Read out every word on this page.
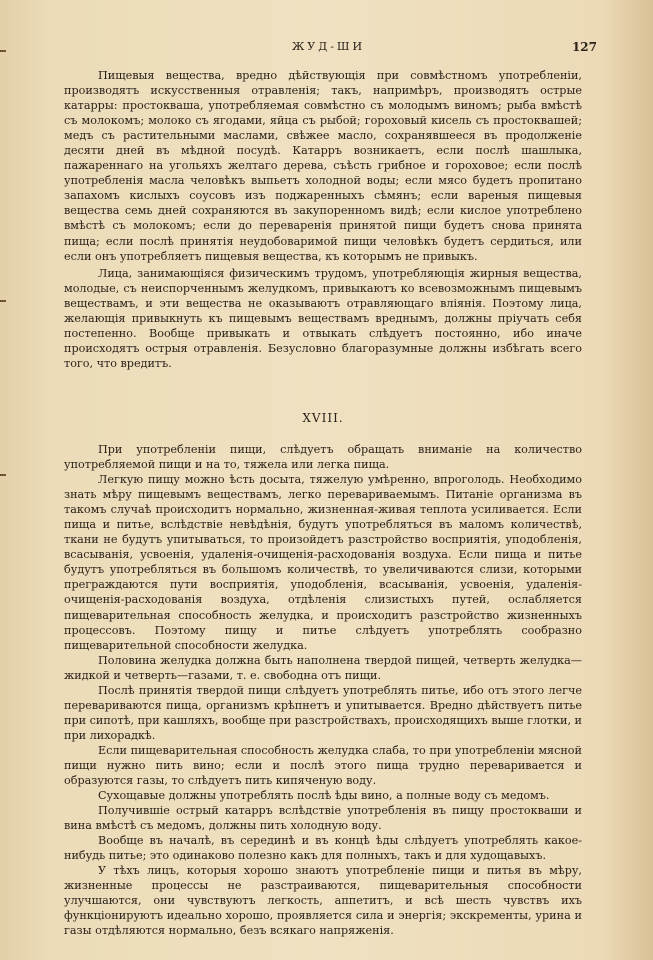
ЖУД-ШИ	127

Пищевыя вещества, вредно дѣйствующія при совмѣстномъ употребленіи, производятъ искусственныя отравленія; такъ, напримѣръ, производятъ острые катарры: простокваша, употребляемая совмѣстно съ молодымъ виномъ; рыба вмѣстѣ съ молокомъ; молоко съ ягодами, яйца съ рыбой; гороховый кисель съ простоквашей; медъ съ растительными маслами, свѣжее масло, сохранявшееся въ продолженіе десяти дней въ мѣдной посудѣ. Катарръ возникаетъ, если послѣ шашлыка, пажареннаго на угольяхъ желтаго дерева, съѣсть грибное и гороховое; если послѣ употребленія масла человѣкъ выпьетъ холодной воды; если мясо будетъ пропитано запахомъ кислыхъ соусовъ изъ поджаренныхъ сѣмянъ; если вареныя пищевыя вещества семь дней сохраняются въ закупоренномъ видѣ; если кислое употреблено вмѣстѣ съ молокомъ; если до переваренія принятой пищи будетъ снова принята пища; если послѣ принятія неудобоваримой пищи человѣкъ будетъ сердиться, или если онъ употребляетъ пищевыя вещества, къ которымъ не привыкъ.

Лица, занимающіяся физическимъ трудомъ, употребляющія жирныя вещества, молодые, съ неиспорченнымъ желудкомъ, привыкаютъ ко всевозможнымъ пищевымъ веществамъ, и эти вещества не оказываютъ отравляющаго вліянія. Поэтому лица, желающія привыкнуть къ пищевымъ веществамъ вреднымъ, должны пріучать себя постепенно. Вообще привыкать и отвыкать слѣдуетъ постоянно, ибо иначе происходятъ острыя отравленія. Безусловно благоразумные должны избѣгать всего того, что вредитъ.

XVIII.

При употребленіи пищи, слѣдуетъ обращать вниманіе на количество употребляемой пищи и на то, тяжела или легка пища.

Легкую пищу можно ѣсть досыта, тяжелую умѣренно, впроголодь. Необходимо знать мѣру пищевымъ веществамъ, легко перевариваемымъ. Питаніе организма въ такомъ случаѣ происходитъ нормально, жизненная-живая теплота усиливается. Если пища и питье, вслѣдствіе невѣдѣнія, будутъ употребляться въ маломъ количествѣ, ткани не будутъ упитываться, то произойдетъ разстройство восприятія, уподобленія, всасыванія, усвоенія, удаленія-очищенія-расходованія воздуха. Если пища и питье будутъ употребляться въ большомъ количествѣ, то увеличиваются слизи, которыми преграждаются пути восприятія, уподобленія, всасыванія, усвоенія, удаленія-очищенія-расходованія воздуха, отдѣленія слизистыхъ путей, ослабляется пищеварительная способность желудка, и происходитъ разстройство жизненныхъ процессовъ. Поэтому пищу и питье слѣдуетъ употреблять сообразно пищеварительной способности желудка.

Половина желудка должна быть наполнена твердой пищей, четверть желудка—жидкой и четверть—газами, т. е. свободна отъ пищи.

Послѣ принятія твердой пищи слѣдуетъ употреблять питье, ибо отъ этого легче перевариваются пища, организмъ крѣпнетъ и упитывается. Вредно дѣйствуетъ питье при сипотѣ, при кашляхъ, вообще при разстройствахъ, происходящихъ выше глотки, и при лихорадкѣ.

Если пищеварительная способность желудка слаба, то при употребленіи мясной пищи нужно пить вино; если и послѣ этого пища трудно переваривается и образуются газы, то слѣдуетъ пить кипяченую воду.

Сухощавые должны употреблять послѣ ѣды вино, а полные воду съ медомъ.

Получившіе острый катарръ вслѣдствіе употребленія въ пищу простокваши и вина вмѣстѣ съ медомъ, должны пить холодную воду.

Вообще въ началѣ, въ серединѣ и въ концѣ ѣды слѣдуетъ употреблять какое-нибудь питье; это одинаково полезно какъ для полныхъ, такъ и для худощавыхъ.

У тѣхъ лицъ, которыя хорошо знаютъ употребленіе пищи и питья въ мѣру, жизненные процессы не разстраиваются, пищеварительныя способности улучшаются, они чувствуютъ легкость, аппетитъ, и всѣ шесть чувствъ ихъ функціонируютъ идеально хорошо, проявляется сила и энергія; экскременты, урина и газы отдѣляются нормально, безъ всякаго напряженія.
